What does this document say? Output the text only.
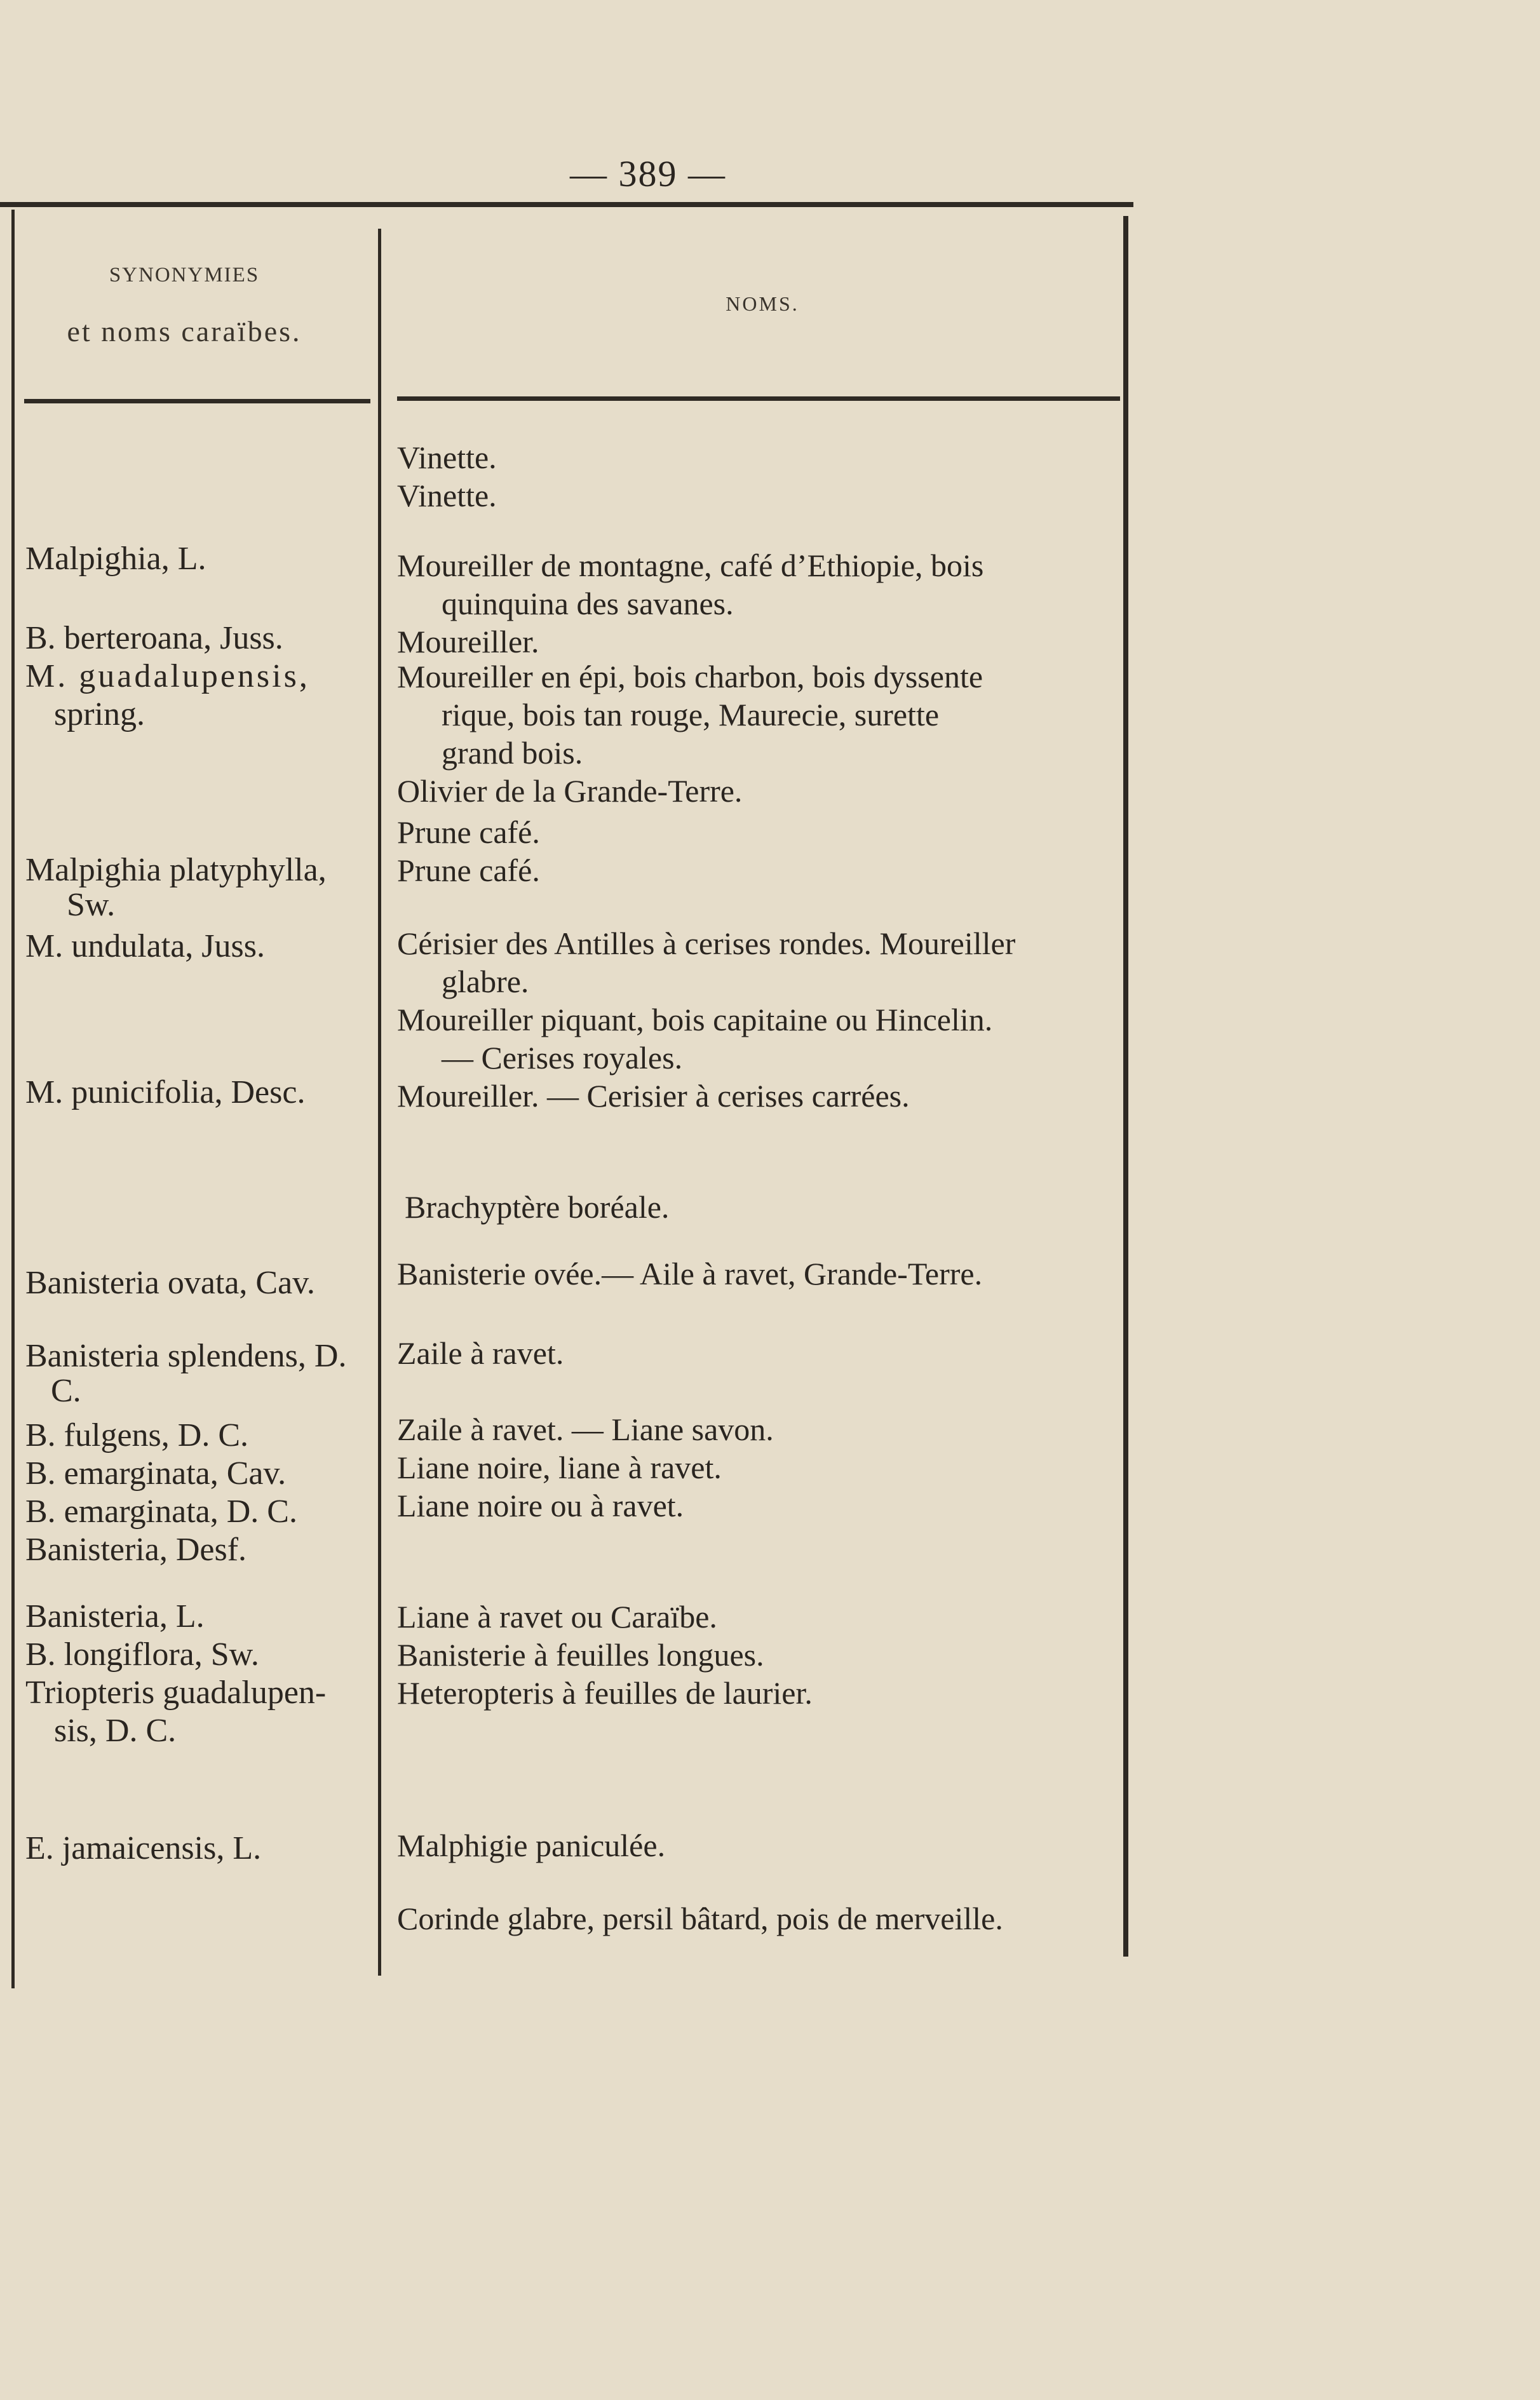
— 389 —
SYNONYMIES
et noms caraïbes.
NOMS.
Malpighia, L.
B. berteroana, Juss.
M. guadalupensis,
spring.
Malpighia platyphylla,
Sw.
M. undulata, Juss.
M. punicifolia, Desc.
Banisteria ovata, Cav.
Banisteria splendens, D.
C.
B. fulgens, D. C.
B. emarginata, Cav.
B. emarginata, D. C.
Banisteria, Desf.
Banisteria, L.
B. longiflora, Sw.
Triopteris guadalupen-
sis, D. C.
E. jamaicensis, L.
Vinette.
Vinette.
Moureiller de montagne, café d’Ethiopie, bois
quinquina des savanes.
Moureiller.
Moureiller en épi, bois charbon, bois dyssente
rique, bois tan rouge, Maurecie, surette
grand bois.
Olivier de la Grande-Terre.
Prune café.
Prune café.
Cérisier des Antilles à cerises rondes. Moureiller
glabre.
Moureiller piquant, bois capitaine ou Hincelin.
— Cerises royales.
Moureiller. — Cerisier à cerises carrées.
Brachyptère boréale.
Banisterie ovée.— Aile à ravet, Grande-Terre.
Zaile à ravet.
Zaile à ravet. — Liane savon.
Liane noire, liane à ravet.
Liane noire ou à ravet.
Liane à ravet ou Caraïbe.
Banisterie à feuilles longues.
Heteropteris à feuilles de laurier.
Malphigie paniculée.
Corinde glabre, persil bâtard, pois de merveille.
